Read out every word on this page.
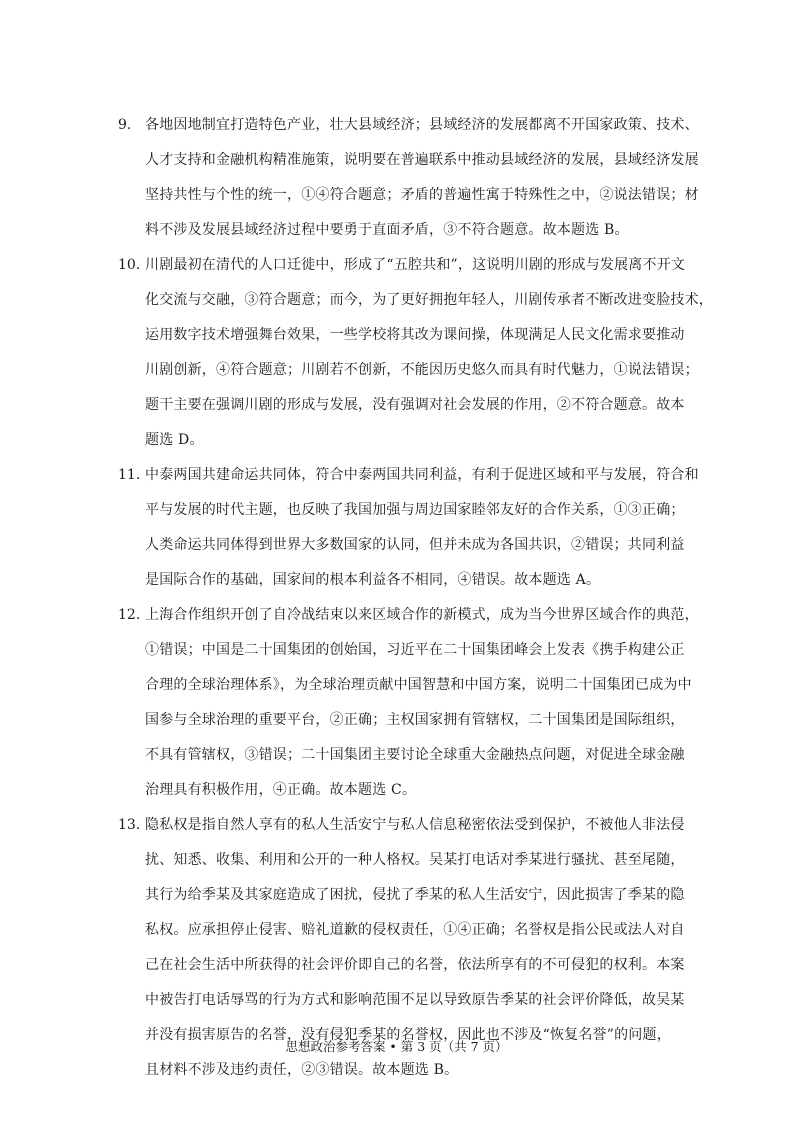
9. 各地因地制宜打造特色产业，壮大县域经济；县域经济的发展都离不开国家政策、技术、
人才支持和金融机构精准施策，说明要在普遍联系中推动县域经济的发展，县域经济发展
坚持共性与个性的统一，①④符合题意；矛盾的普遍性寓于特殊性之中，②说法错误；材
料不涉及发展县域经济过程中要勇于直面矛盾，③不符合题意。故本题选 B。
10. 川剧最初在清代的人口迁徙中，形成了“五腔共和”，这说明川剧的形成与发展离不开文
化交流与交融，③符合题意；而今，为了更好拥抱年轻人，川剧传承者不断改进变脸技术，
运用数字技术增强舞台效果，一些学校将其改为课间操，体现满足人民文化需求要推动
川剧创新，④符合题意；川剧若不创新，不能因历史悠久而具有时代魅力，①说法错误；
题干主要在强调川剧的形成与发展，没有强调对社会发展的作用，②不符合题意。故本
题选 D。
11. 中泰两国共建命运共同体，符合中泰两国共同利益，有利于促进区域和平与发展，符合和
平与发展的时代主题，也反映了我国加强与周边国家睦邻友好的合作关系，①③正确；
人类命运共同体得到世界大多数国家的认同，但并未成为各国共识，②错误；共同利益
是国际合作的基础，国家间的根本利益各不相同，④错误。故本题选 A。
12. 上海合作组织开创了自冷战结束以来区域合作的新模式，成为当今世界区域合作的典范，
①错误；中国是二十国集团的创始国，习近平在二十国集团峰会上发表《携手构建公正
合理的全球治理体系》，为全球治理贡献中国智慧和中国方案，说明二十国集团已成为中
国参与全球治理的重要平台，②正确；主权国家拥有管辖权，二十国集团是国际组织，
不具有管辖权，③错误；二十国集团主要讨论全球重大金融热点问题，对促进全球金融
治理具有积极作用，④正确。故本题选 C。
13. 隐私权是指自然人享有的私人生活安宁与私人信息秘密依法受到保护，不被他人非法侵
扰、知悉、收集、利用和公开的一种人格权。吴某打电话对季某进行骚扰、甚至尾随，
其行为给季某及其家庭造成了困扰，侵扰了季某的私人生活安宁，因此损害了季某的隐
私权。应承担停止侵害、赔礼道歉的侵权责任，①④正确；名誉权是指公民或法人对自
己在社会生活中所获得的社会评价即自己的名誉，依法所享有的不可侵犯的权利。本案
中被告打电话辱骂的行为方式和影响范围不足以导致原告季某的社会评价降低，故吴某
并没有损害原告的名誉，没有侵犯季某的名誉权，因此也不涉及“恢复名誉”的问题，
且材料不涉及违约责任，②③错误。故本题选 B。
思想政治参考答案 • 第 3 页（共 7 页）
